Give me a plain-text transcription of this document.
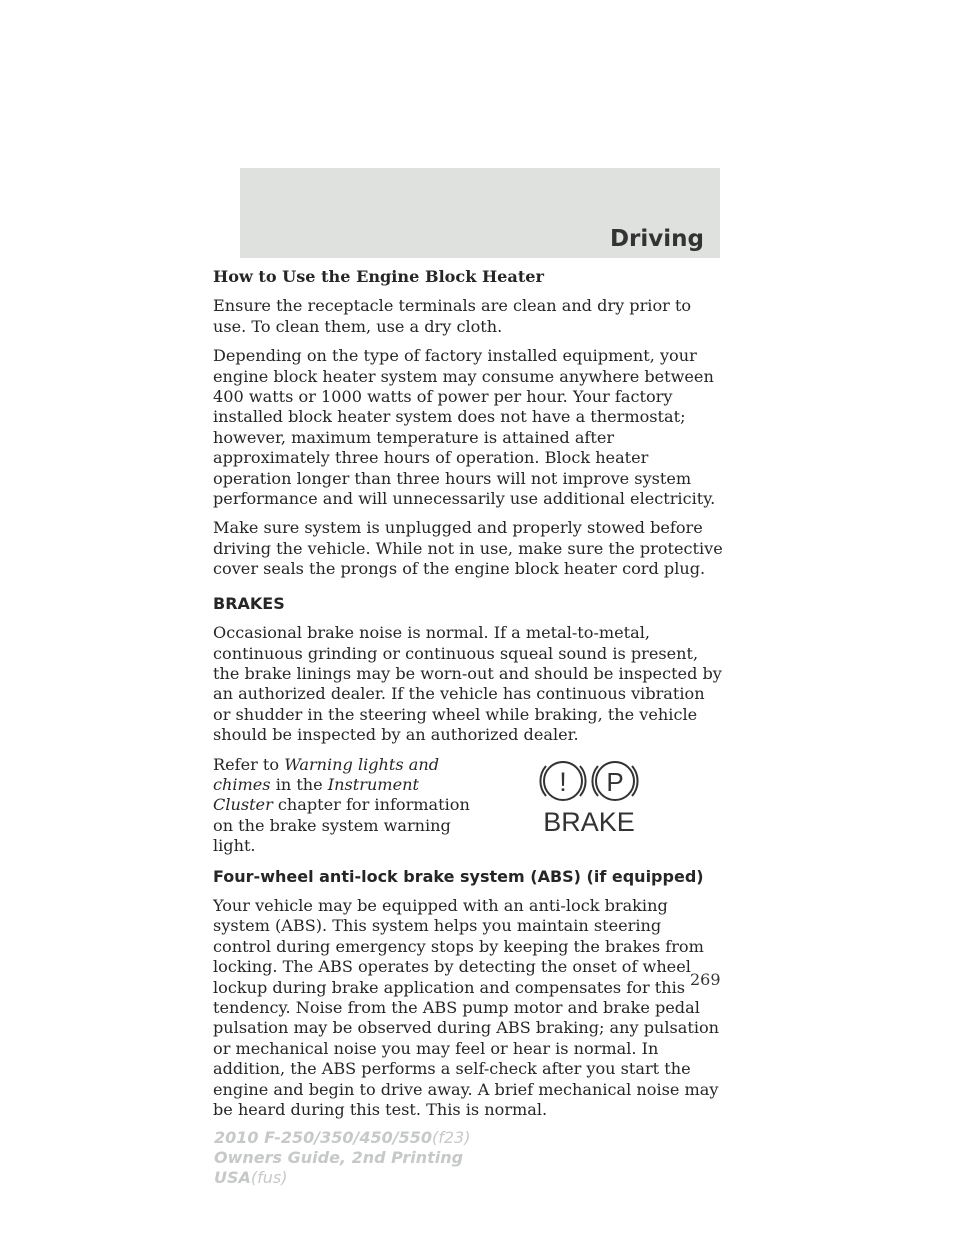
Driving
How to Use the Engine Block Heater

Ensure the receptacle terminals are clean and dry prior to use. To clean them, use a dry cloth.

Depending on the type of factory installed equipment, your engine block heater system may consume anywhere between 400 watts or 1000 watts of power per hour. Your factory installed block heater system does not have a thermostat; however, maximum temperature is attained after approximately three hours of operation. Block heater operation longer than three hours will not improve system performance and will unnecessarily use additional electricity.

Make sure system is unplugged and properly stowed before driving the vehicle. While not in use, make sure the protective cover seals the prongs of the engine block heater cord plug.

BRAKES

Occasional brake noise is normal. If a metal-to-metal, continuous grinding or continuous squeal sound is present, the brake linings may be worn-out and should be inspected by an authorized dealer. If the vehicle has continuous vibration or shudder in the steering wheel while braking, the vehicle should be inspected by an authorized dealer.

Refer to Warning lights and chimes in the Instrument Cluster chapter for information on the brake system warning light.
! P
BRAKE
Four-wheel anti-lock brake system (ABS) (if equipped)

Your vehicle may be equipped with an anti-lock braking system (ABS). This system helps you maintain steering control during emergency stops by keeping the brakes from locking. The ABS operates by detecting the onset of wheel lockup during brake application and compensates for this tendency. Noise from the ABS pump motor and brake pedal pulsation may be observed during ABS braking; any pulsation or mechanical noise you may feel or hear is normal. In addition, the ABS performs a self-check after you start the engine and begin to drive away. A brief mechanical noise may be heard during this test. This is normal.

269
2010 F-250/350/450/550(f23)
Owners Guide, 2nd Printing
USA(fus)
